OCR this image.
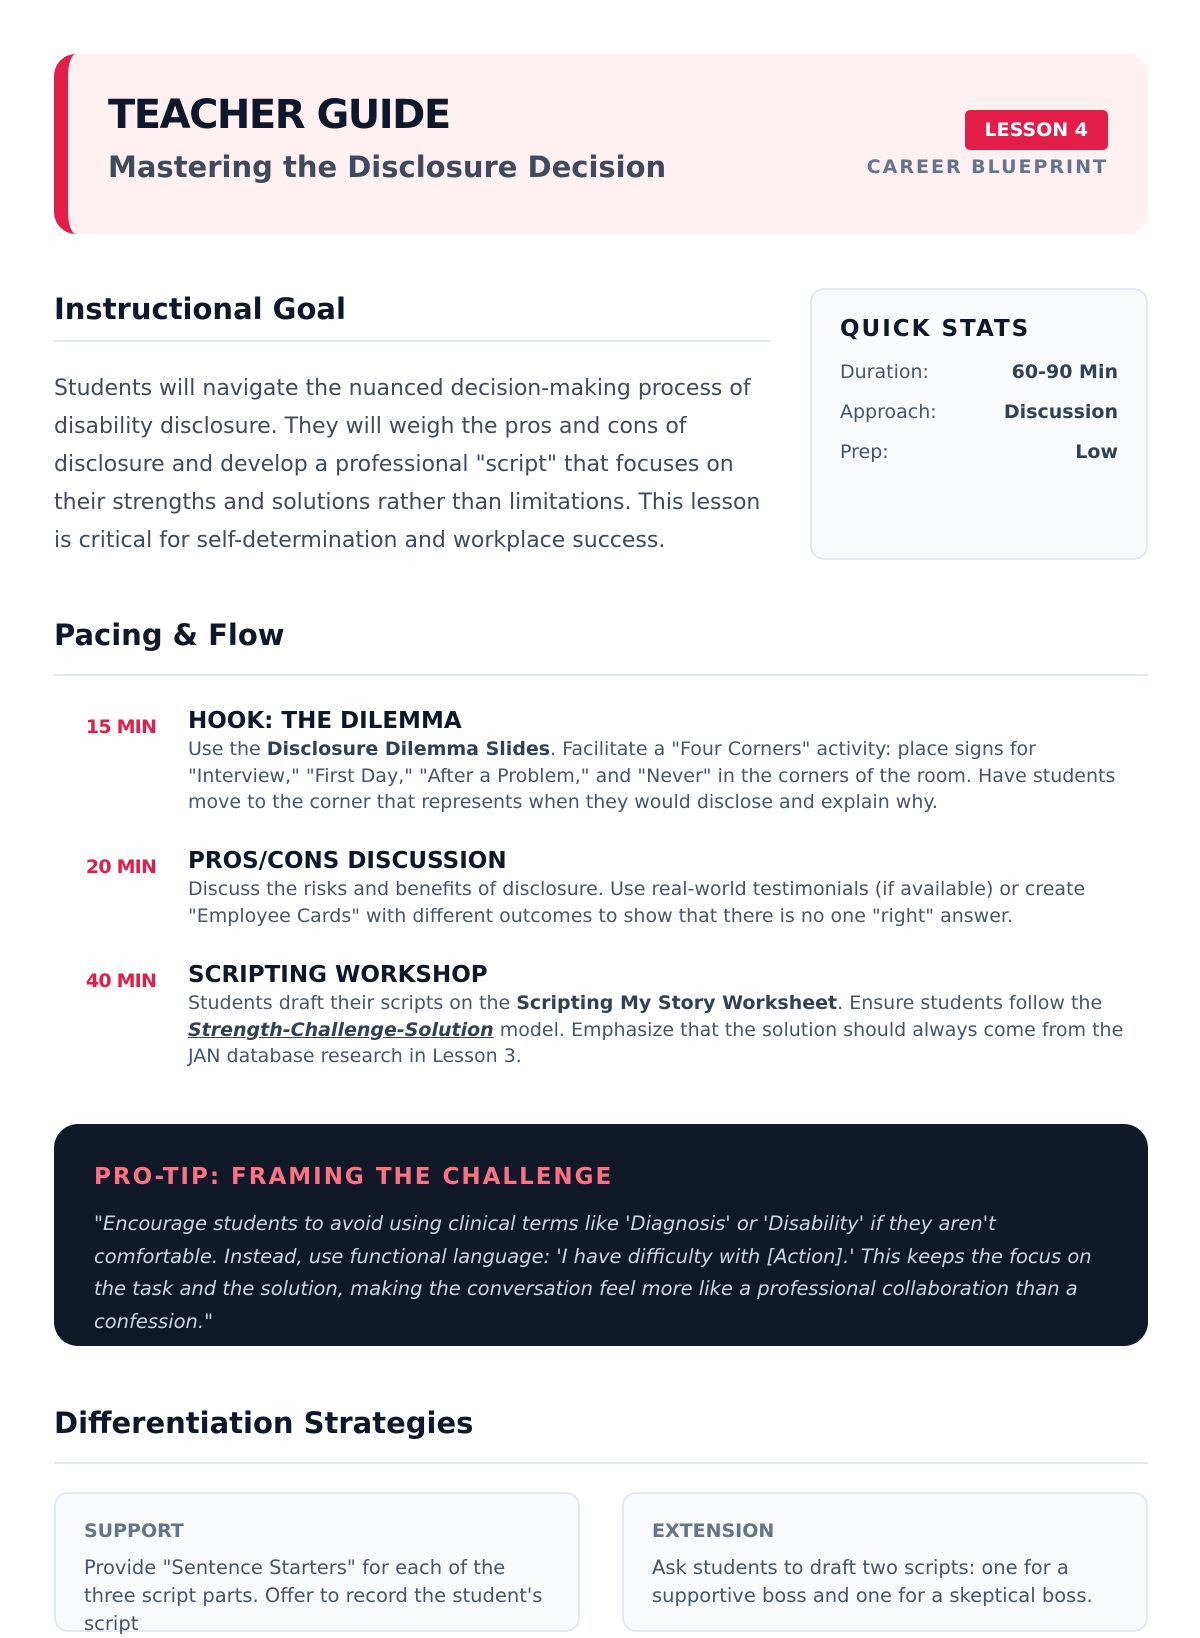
TEACHER GUIDE
Mastering the Disclosure Decision
LESSON 4
CAREER BLUEPRINT
Instructional Goal
Students will navigate the nuanced decision-making process of disability disclosure. They will weigh the pros and cons of disclosure and develop a professional "script" that focuses on their strengths and solutions rather than limitations. This lesson is critical for self-determination and workplace success.
QUICK STATS
Duration:	60-90 Min
Approach:	Discussion
Prep:	Low
Pacing & Flow
15 MIN	HOOK: THE DILEMMA
Use the Disclosure Dilemma Slides. Facilitate a "Four Corners" activity: place signs for "Interview," "First Day," "After a Problem," and "Never" in the corners of the room. Have students move to the corner that represents when they would disclose and explain why.
20 MIN	PROS/CONS DISCUSSION
Discuss the risks and benefits of disclosure. Use real-world testimonials (if available) or create "Employee Cards" with different outcomes to show that there is no one "right" answer.
40 MIN	SCRIPTING WORKSHOP
Students draft their scripts on the Scripting My Story Worksheet. Ensure students follow the Strength-Challenge-Solution model. Emphasize that the solution should always come from the JAN database research in Lesson 3.
PRO-TIP: FRAMING THE CHALLENGE
"Encourage students to avoid using clinical terms like 'Diagnosis' or 'Disability' if they aren't comfortable. Instead, use functional language: 'I have difficulty with [Action].' This keeps the focus on the task and the solution, making the conversation feel more like a professional collaboration than a confession."
Differentiation Strategies
SUPPORT
Provide "Sentence Starters" for each of the three script parts. Offer to record the student's script
EXTENSION
Ask students to draft two scripts: one for a supportive boss and one for a skeptical boss.
